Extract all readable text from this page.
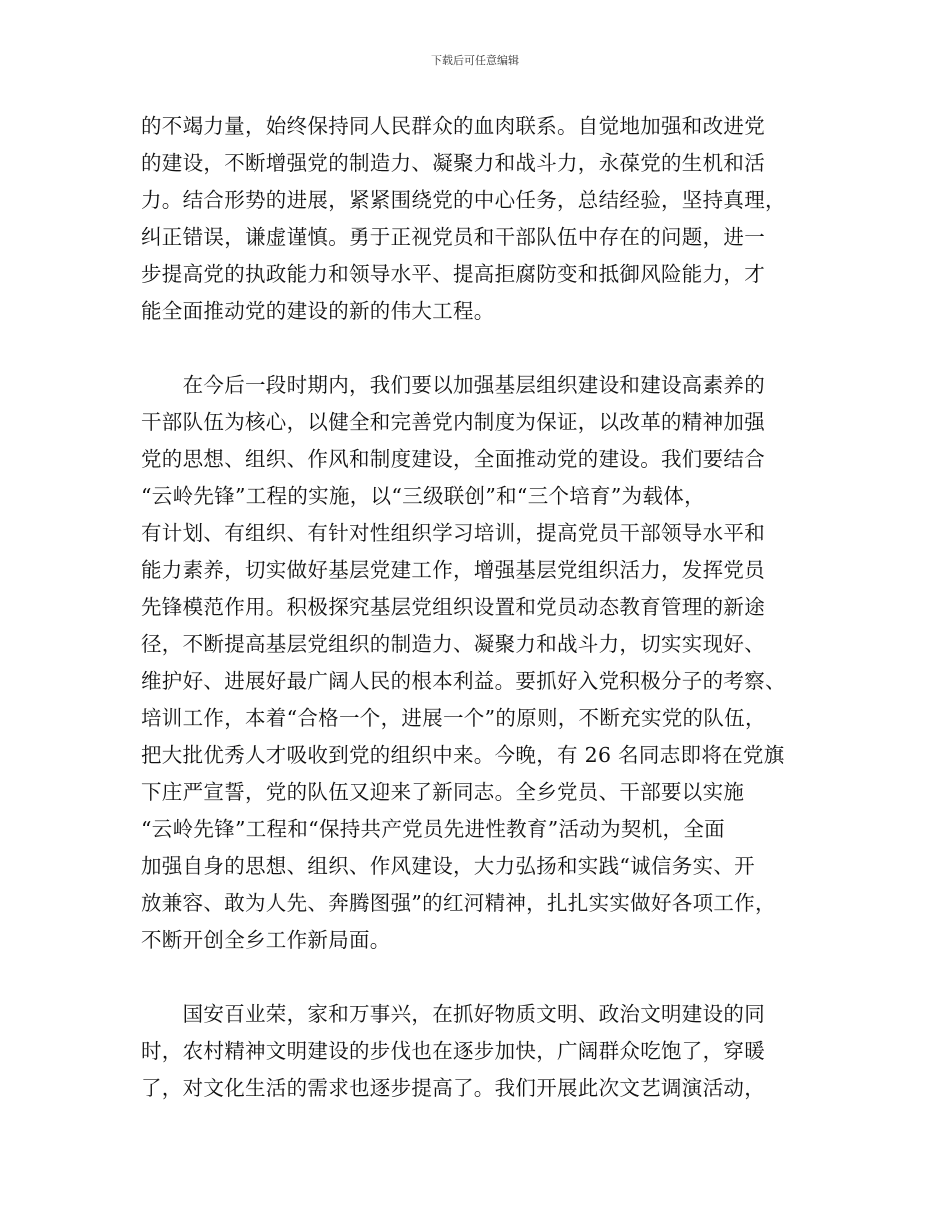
下载后可任意编辑
的不竭力量，始终保持同人民群众的血肉联系。自觉地加强和改进党
的建设，不断增强党的制造力、凝聚力和战斗力，永葆党的生机和活
力。结合形势的进展，紧紧围绕党的中心任务，总结经验，坚持真理，
纠正错误，谦虚谨慎。勇于正视党员和干部队伍中存在的问题，进一
步提高党的执政能力和领导水平、提高拒腐防变和抵御风险能力，才
能全面推动党的建设的新的伟大工程。
　　在今后一段时期内，我们要以加强基层组织建设和建设高素养的
干部队伍为核心，以健全和完善党内制度为保证，以改革的精神加强
党的思想、组织、作风和制度建设，全面推动党的建设。我们要结合
“云岭先锋”工程的实施，以“三级联创”和“三个培育”为载体，
有计划、有组织、有针对性组织学习培训，提高党员干部领导水平和
能力素养，切实做好基层党建工作，增强基层党组织活力，发挥党员
先锋模范作用。积极探究基层党组织设置和党员动态教育管理的新途
径，不断提高基层党组织的制造力、凝聚力和战斗力，切实实现好、
维护好、进展好最广阔人民的根本利益。要抓好入党积极分子的考察、
培训工作，本着“合格一个，进展一个”的原则，不断充实党的队伍，
把大批优秀人才吸收到党的组织中来。今晚，有 26 名同志即将在党旗
下庄严宣誓，党的队伍又迎来了新同志。全乡党员、干部要以实施
“云岭先锋”工程和“保持共产党员先进性教育”活动为契机，全面
加强自身的思想、组织、作风建设，大力弘扬和实践“诚信务实、开
放兼容、敢为人先、奔腾图强”的红河精神，扎扎实实做好各项工作，
不断开创全乡工作新局面。
　　国安百业荣，家和万事兴，在抓好物质文明、政治文明建设的同
时，农村精神文明建设的步伐也在逐步加快，广阔群众吃饱了，穿暖
了，对文化生活的需求也逐步提高了。我们开展此次文艺调演活动，
